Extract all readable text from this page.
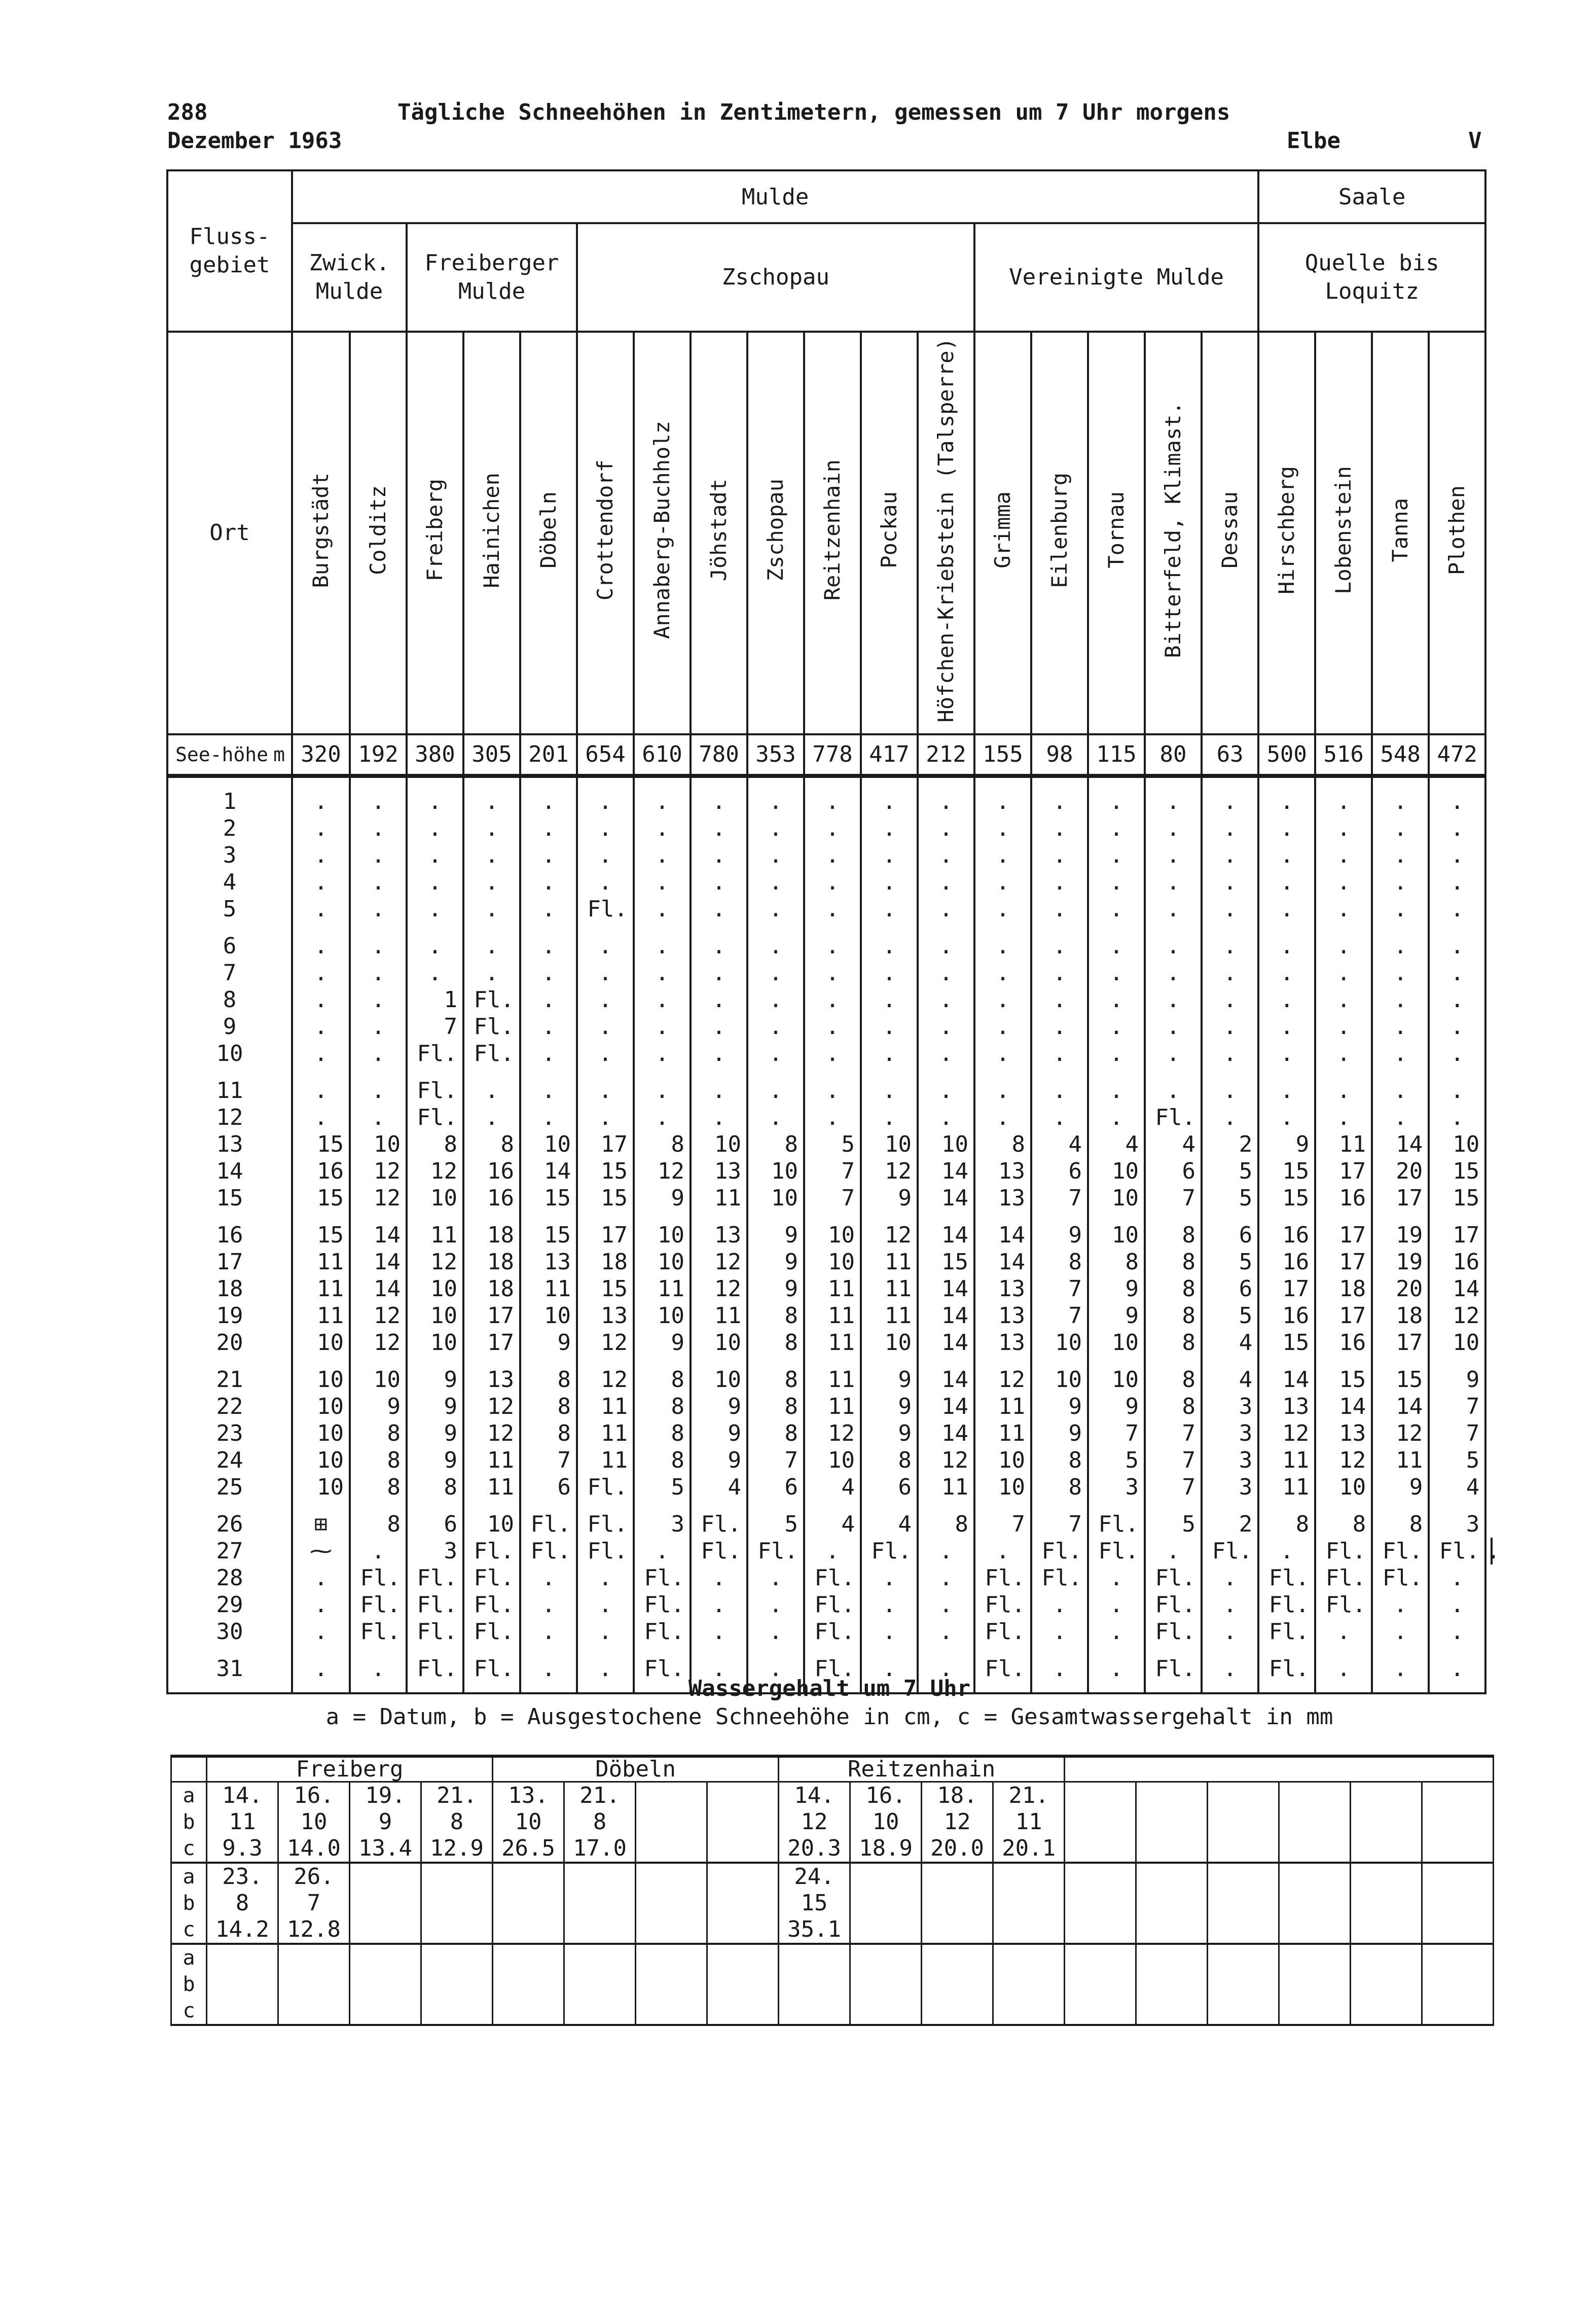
288	Tägliche Schneehöhen in Zentimetern, gemessen um 7 Uhr morgens
Dezember 1963	Elbe	V
Fluss-gebiet	Mulde																	Saale				
	Zwick. Mulde		Freiberger Mulde			Zschopau							Vereinigte Mulde					Quelle bis Loquitz				
Ort	Burgstädt	Colditz	Freiberg	Hainichen	Döbeln	Crottendorf	Annaberg-Buchholz	Jöhstadt	Zschopau	Reitzenhain	Pockau	Höfchen-Kriebstein (Talsperre)	Grimma	Eilenburg	Tornau	Bitterfeld, Klimast.	Dessau	Hirschberg	Lobenstein	Tanna	Plothen	

m
See-höhe	320	192	380	305	201	654	610	780	353	778	417	212	155	98	115	80	63	500	516	548	472	

1	.	.	.	.	.	.	.	.	.	.	.	.	.	.	.	.	.	.	.	.	.	
2	.	.	.	.	.	.	.	.	.	.	.	.	.	.	.	.	.	.	.	.	.	
3	.	.	.	.	.	.	.	.	.	.	.	.	.	.	.	.	.	.	.	.	.	
4	.	.	.	.	.	.	.	.	.	.	.	.	.	.	.	.	.	.	.	.	.	
5	.	.	.	.	.	Fl.	.	.	.	.	.	.	.	.	.	.	.	.	.	.	.	

6	.	.	.	.	.	.	.	.	.	.	.	.	.	.	.	.	.	.	.	.	.	
7	.	.	.	.	.	.	.	.	.	.	.	.	.	.	.	.	.	.	.	.	.	
8	.	.	1	Fl.	.	.	.	.	.	.	.	.	.	.	.	.	.	.	.	.	.	
9	.	.	7	Fl.	.	.	.	.	.	.	.	.	.	.	.	.	.	.	.	.	.	
10	.	.	Fl.	Fl.	.	.	.	.	.	.	.	.	.	.	.	.	.	.	.	.	.	

11	.	.	Fl.	.	.	.	.	.	.	.	.	.	.	.	.	.	.	.	.	.	.	
12	.	.	Fl.	.	.	.	.	.	.	.	.	.	.	.	.	Fl.	.	.	.	.	.	
13	15	10	8	8	10	17	8	10	8	5	10	10	8	4	4	4	2	9	11	14	10	
14	16	12	12	16	14	15	12	13	10	7	12	14	13	6	10	6	5	15	17	20	15	
15	15	12	10	16	15	15	9	11	10	7	9	14	13	7	10	7	5	15	16	17	15	

16	15	14	11	18	15	17	10	13	9	10	12	14	14	9	10	8	6	16	17	19	17	
17	11	14	12	18	13	18	10	12	9	10	11	15	14	8	8	8	5	16	17	19	16	
18	11	14	10	18	11	15	11	12	9	11	11	14	13	7	9	8	6	17	18	20	14	
19	11	12	10	17	10	13	10	11	8	11	11	14	13	7	9	8	5	16	17	18	12	
20	10	12	10	17	9	12	9	10	8	11	10	14	13	10	10	8	4	15	16	17	10	

21	10	10	9	13	8	12	8	10	8	11	9	14	12	10	10	8	4	14	15	15	9	
22	10	9	9	12	8	11	8	9	8	11	9	14	11	9	9	8	3	13	14	14	7	
23	10	8	9	12	8	11	8	9	8	12	9	14	11	9	7	7	3	12	13	12	7	
24	10	8	9	11	7	11	8	9	7	10	8	12	10	8	5	7	3	11	12	11	5	
25	10	8	8	11	6	Fl.	5	4	6	4	6	11	10	8	3	7	3	11	10	9	4	

26	⊞	8	6	10	Fl.	Fl.	3	Fl.	5	4	4	8	7	7	Fl.	5	2	8	8	8	3	
27	⁓	.	3	Fl.	Fl.	Fl.	.	Fl.	Fl.	.	Fl.	.	.	Fl.	Fl.	.	Fl.	.	Fl.	Fl.	Fl.	.
28	.	Fl.	Fl.	Fl.	.	.	Fl.	.	.	Fl.	.	.	Fl.	Fl.	.	Fl.	.	Fl.	Fl.	Fl.	.	
29	.	Fl.	Fl.	Fl.	.	.	Fl.	.	.	Fl.	.	.	Fl.	.	.	Fl.	.	Fl.	Fl.	.	.	
30	.	Fl.	Fl.	Fl.	.	.	Fl.	.	.	Fl.	.	.	Fl.	.	.	Fl.	.	Fl.	.	.	.	

31	.	.	Fl.	Fl.	.	.	Fl.	.	.	Fl.	.	.	Fl.	.	.	Fl.	.	Fl.	.	.	.	

Wassergehalt um 7 Uhr
a = Datum, b = Ausgestochene Schneehöhe in cm, c = Gesamtwassergehalt in mm
	Freiberg				Döbeln				Reitzenhain									
a	14.	16.	19.	21.	13.	21.			14.	16.	18.	21.						
b	11	10	9	8	10	8			12	10	12	11						
c	9.3	14.0	13.4	12.9	26.5	17.0			20.3	18.9	20.0	20.1						
a	23.	26.							24.									
b	8	7							15									
c	14.2	12.8							35.1									
a																		
b																		
c																		
